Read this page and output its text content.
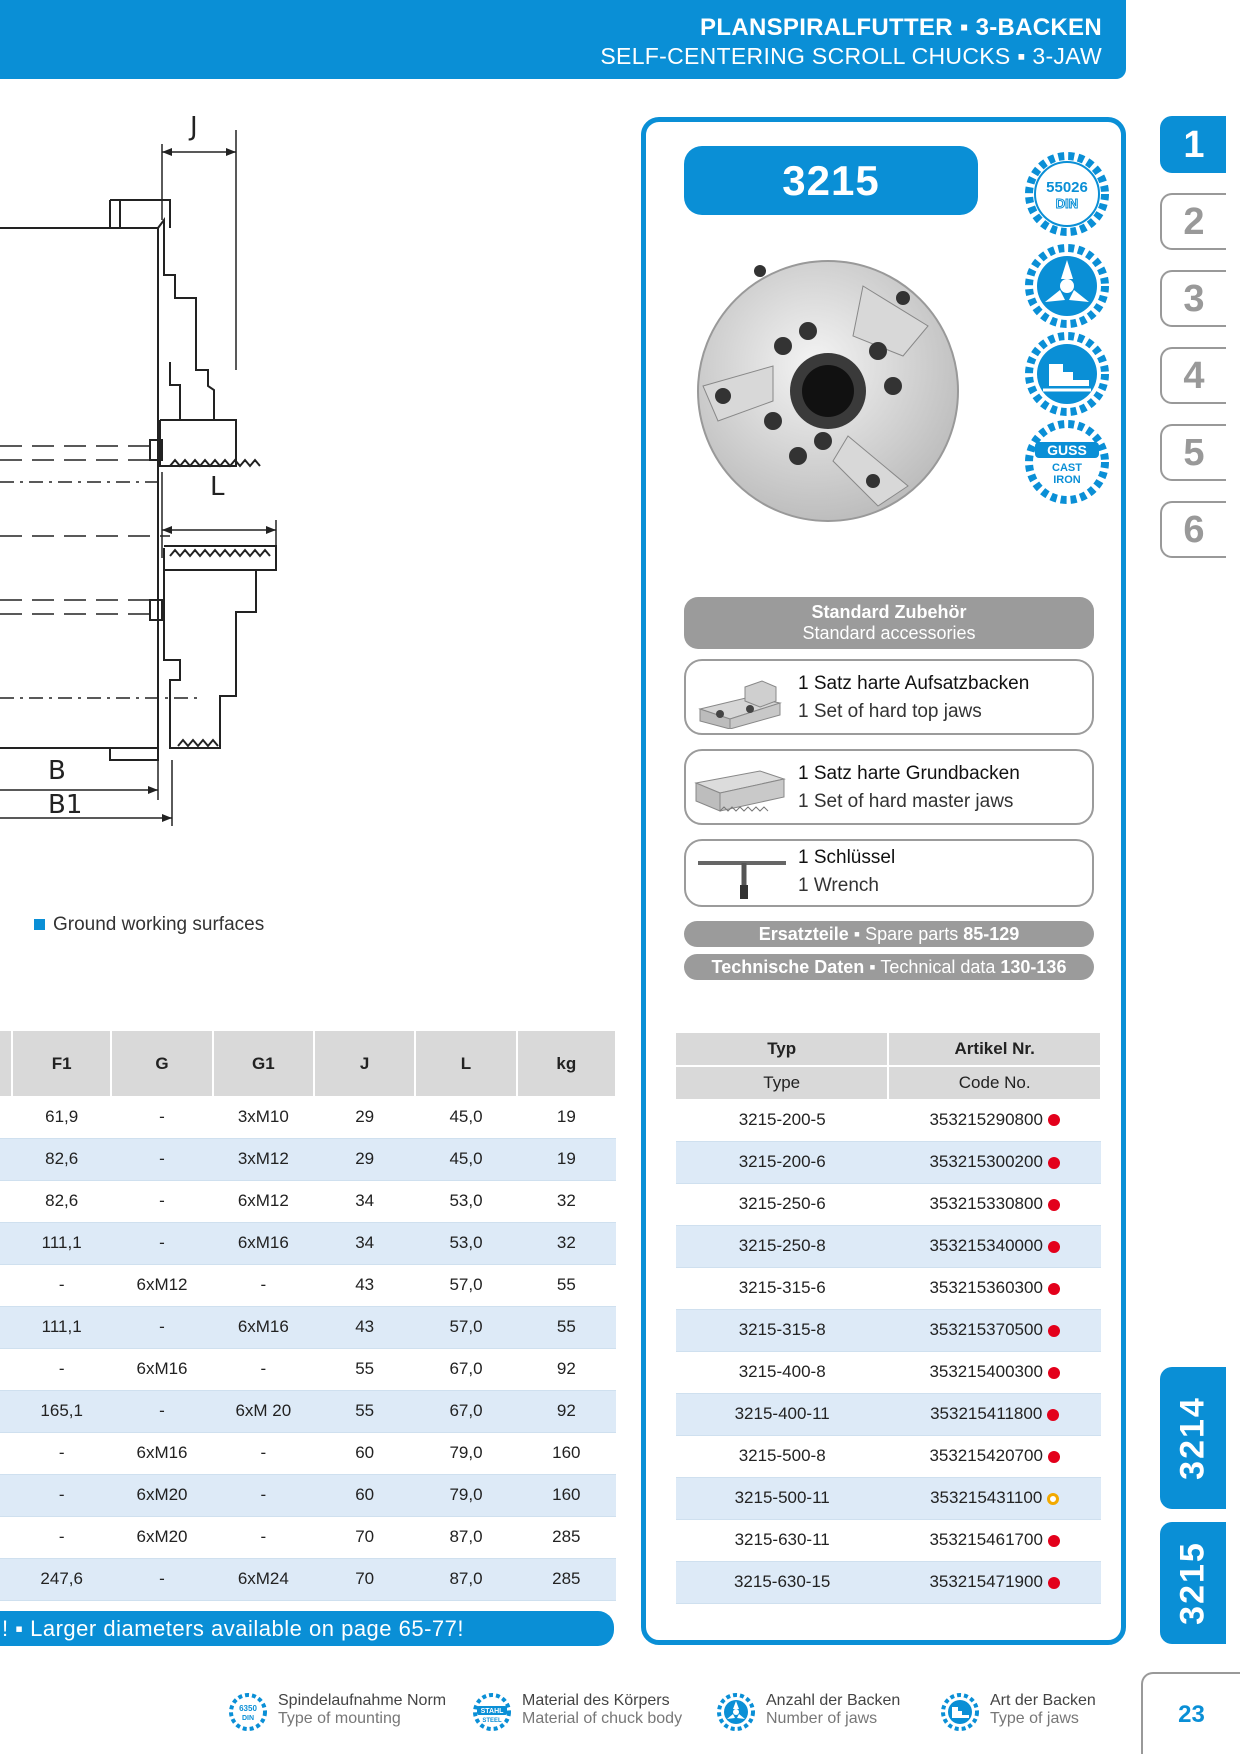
PLANSPIRALFUTTER ▪ 3-BACKEN
SELF-CENTERING SCROLL CHUCKS ▪ 3-JAW
J
L
B
B1
Ground working surfaces
	F1	G	G1	J	L	kg
	61,9	-	3xM10	29	45,0	19
	82,6	-	3xM12	29	45,0	19
	82,6	-	6xM12	34	53,0	32
	111,1	-	6xM16	34	53,0	32
	-	6xM12	-	43	57,0	55
	111,1	-	6xM16	43	57,0	55
	-	6xM16	-	55	67,0	92
	165,1	-	6xM 20	55	67,0	92
	-	6xM16	-	60	79,0	160
	-	6xM20	-	60	79,0	160
	-	6xM20	-	70	87,0	285
	247,6	-	6xM24	70	87,0	285
! ▪ Larger diameters available on page 65-77!
3215	55026
DIN
GUSS
CAST
IRON
Standard Zubehör
Standard accessories
1 Satz harte Aufsatzbacken
1 Set of hard top jaws
1 Satz harte Grundbacken
1 Set of hard master jaws
1 Schlüssel
1 Wrench
Ersatzteile ▪ Spare parts 85-129
Technische Daten ▪ Technical data 130-136
Typ	Artikel Nr.
Type	Code No.
3215-200-5	353215290800
3215-200-6	353215300200
3215-250-6	353215330800
3215-250-8	353215340000
3215-315-6	353215360300
3215-315-8	353215370500
3215-400-8	353215400300
3215-400-11	353215411800
3215-500-8	353215420700
3215-500-11	353215431100
3215-630-11	353215461700
3215-630-15	353215471900
1
2
3
4
5
6
3214
3215
6350
DIN
Spindelaufnahme Norm
Type of mounting	STAHL
STEEL
Material des Körpers
Material of chuck body
Anzahl der Backen
Number of jaws
Art der Backen
Type of jaws	23
